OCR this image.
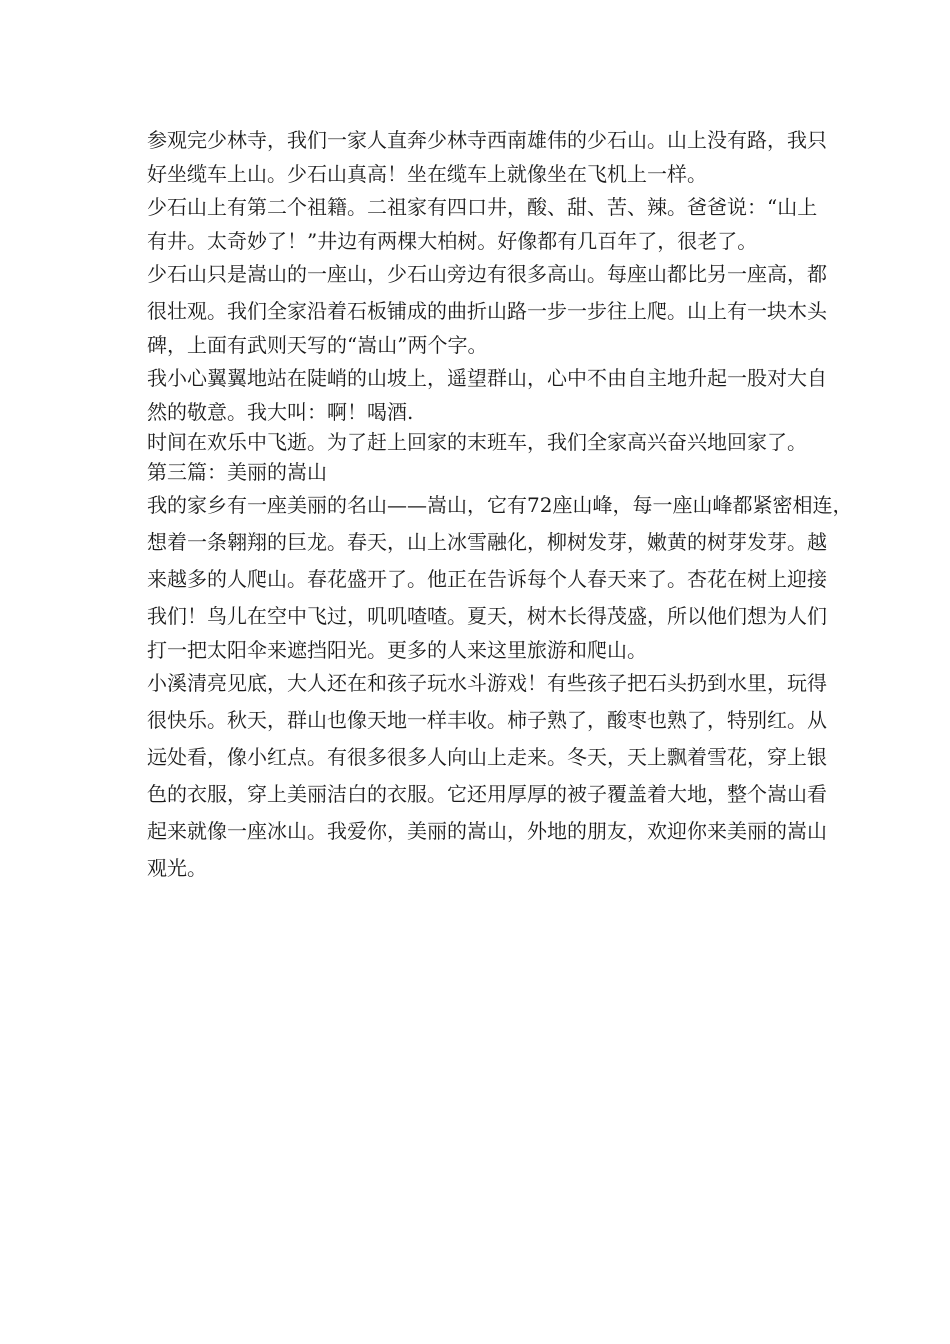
参观完少林寺，我们一家人直奔少林寺西南雄伟的少石山。山上没有路，我只
好坐缆车上山。少石山真高！坐在缆车上就像坐在飞机上一样。
少石山上有第二个祖籍。二祖家有四口井，酸、甜、苦、辣。爸爸说：“山上
有井。太奇妙了！”井边有两棵大柏树。好像都有几百年了，很老了。
少石山只是嵩山的一座山，少石山旁边有很多高山。每座山都比另一座高，都
很壮观。我们全家沿着石板铺成的曲折山路一步一步往上爬。山上有一块木头
碑，上面有武则天写的“嵩山”两个字。
我小心翼翼地站在陡峭的山坡上，遥望群山，心中不由自主地升起一股对大自
然的敬意。我大叫：啊！喝酒.
时间在欢乐中飞逝。为了赶上回家的末班车，我们全家高兴奋兴地回家了。
第三篇：美丽的嵩山
我的家乡有一座美丽的名山——嵩山，它有72座山峰，每一座山峰都紧密相连，
想着一条翱翔的巨龙。春天，山上冰雪融化，柳树发芽，嫩黄的树芽发芽。越
来越多的人爬山。春花盛开了。他正在告诉每个人春天来了。杏花在树上迎接
我们！鸟儿在空中飞过，叽叽喳喳。夏天，树木长得茂盛，所以他们想为人们
打一把太阳伞来遮挡阳光。更多的人来这里旅游和爬山。
小溪清亮见底，大人还在和孩子玩水斗游戏！有些孩子把石头扔到水里，玩得
很快乐。秋天，群山也像天地一样丰收。柿子熟了，酸枣也熟了，特别红。从
远处看，像小红点。有很多很多人向山上走来。冬天，天上飘着雪花，穿上银
色的衣服，穿上美丽洁白的衣服。它还用厚厚的被子覆盖着大地，整个嵩山看
起来就像一座冰山。我爱你，美丽的嵩山，外地的朋友，欢迎你来美丽的嵩山
观光。
